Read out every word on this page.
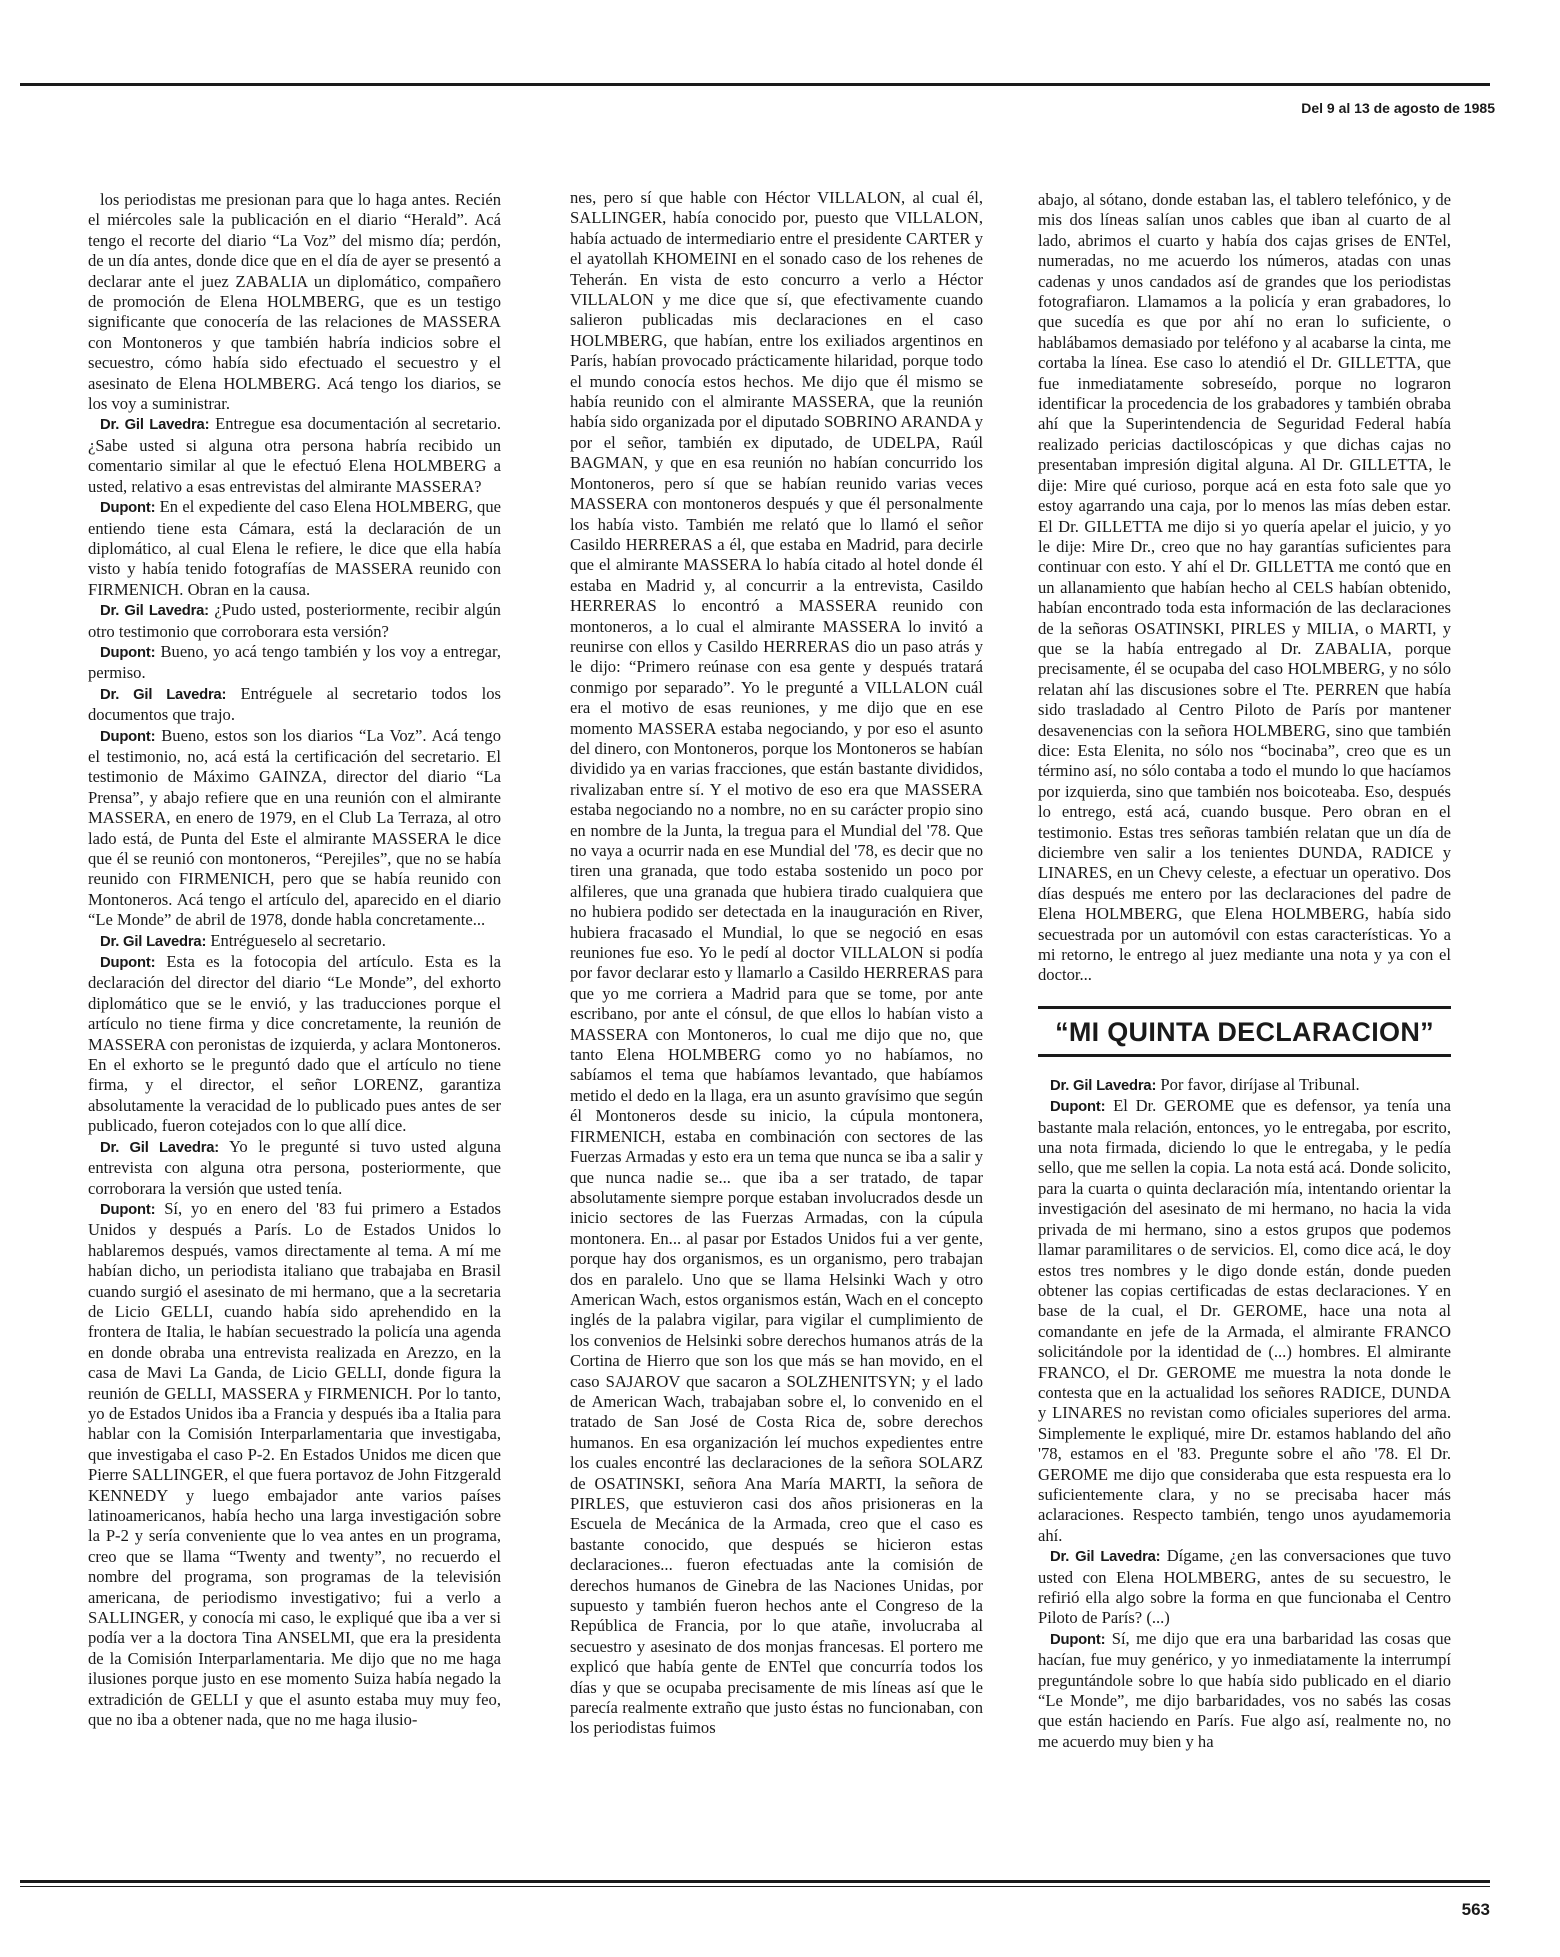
Del 9 al 13 de agosto de 1985

los periodistas me presionan para que lo haga antes. Recién el miércoles sale la publicación en el diario “Herald”. Acá tengo el recorte del diario “La Voz” del mismo día; perdón, de un día antes, donde dice que en el día de ayer se presentó a declarar ante el juez ZABALIA un diplomático, compañero de promoción de Elena HOLMBERG, que es un testigo significante que conocería de las relaciones de MASSERA con Montoneros y que también habría indicios sobre el secuestro, cómo había sido efectuado el secuestro y el asesinato de Elena HOLMBERG. Acá tengo los diarios, se los voy a suministrar.

Dr. Gil Lavedra: Entregue esa documentación al secretario. ¿Sabe usted si alguna otra persona habría recibido un comentario similar al que le efectuó Elena HOLMBERG a usted, relativo a esas entrevistas del almirante MASSERA?

Dupont: En el expediente del caso Elena HOLMBERG, que entiendo tiene esta Cámara, está la declaración de un diplomático, al cual Elena le refiere, le dice que ella había visto y había tenido fotografías de MASSERA reunido con FIRMENICH. Obran en la causa.

Dr. Gil Lavedra: ¿Pudo usted, posteriormente, recibir algún otro testimonio que corroborara esta versión?

Dupont: Bueno, yo acá tengo también y los voy a entregar, permiso.

Dr. Gil Lavedra: Entréguele al secretario todos los documentos que trajo.

Dupont: Bueno, estos son los diarios “La Voz”. Acá tengo el testimonio, no, acá está la certificación del secretario. El testimonio de Máximo GAINZA, director del diario “La Prensa”, y abajo refiere que en una reunión con el almirante MASSERA, en enero de 1979, en el Club La Terraza, al otro lado está, de Punta del Este el almirante MASSERA le dice que él se reunió con montoneros, “Perejiles”, que no se había reunido con FIRMENICH, pero que se había reunido con Montoneros. Acá tengo el artículo del, aparecido en el diario “Le Monde” de abril de 1978, donde habla concretamente...

Dr. Gil Lavedra: Entrégueselo al secretario.

Dupont: Esta es la fotocopia del artículo. Esta es la declaración del director del diario “Le Monde”, del exhorto diplomático que se le envió, y las traducciones porque el artículo no tiene firma y dice concretamente, la reunión de MASSERA con peronistas de izquierda, y aclara Montoneros. En el exhorto se le preguntó dado que el artículo no tiene firma, y el director, el señor LORENZ, garantiza absolutamente la veracidad de lo publicado pues antes de ser publicado, fueron cotejados con lo que allí dice.

Dr. Gil Lavedra: Yo le pregunté si tuvo usted alguna entrevista con alguna otra persona, posteriormente, que corroborara la versión que usted tenía.

Dupont: Sí, yo en enero del '83 fui primero a Estados Unidos y después a París. Lo de Estados Unidos lo hablaremos después, vamos directamente al tema. A mí me habían dicho, un periodista italiano que trabajaba en Brasil cuando surgió el asesinato de mi hermano, que a la secretaria de Licio GELLI, cuando había sido aprehendido en la frontera de Italia, le habían secuestrado la policía una agenda en donde obraba una entrevista realizada en Arezzo, en la casa de Mavi La Ganda, de Licio GELLI, donde figura la reunión de GELLI, MASSERA y FIRMENICH. Por lo tanto, yo de Estados Unidos iba a Francia y después iba a Italia para hablar con la Comisión Interparlamentaria que investigaba, que investigaba el caso P-2. En Estados Unidos me dicen que Pierre SALLINGER, el que fuera portavoz de John Fitzgerald KENNEDY y luego embajador ante varios países latinoamericanos, había hecho una larga investigación sobre la P-2 y sería conveniente que lo vea antes en un programa, creo que se llama “Twenty and twenty”, no recuerdo el nombre del programa, son programas de la televisión americana, de periodismo investigativo; fui a verlo a SALLINGER, y conocía mi caso, le expliqué que iba a ver si podía ver a la doctora Tina ANSELMI, que era la presidenta de la Comisión Interparlamentaria. Me dijo que no me haga ilusiones porque justo en ese momento Suiza había negado la extradición de GELLI y que el asunto estaba muy muy feo, que no iba a obtener nada, que no me haga ilusio-

nes, pero sí que hable con Héctor VILLALON, al cual él, SALLINGER, había conocido por, puesto que VILLALON, había actuado de intermediario entre el presidente CARTER y el ayatollah KHOMEINI en el sonado caso de los rehenes de Teherán. En vista de esto concurro a verlo a Héctor VILLALON y me dice que sí, que efectivamente cuando salieron publicadas mis declaraciones en el caso HOLMBERG, que habían, entre los exiliados argentinos en París, habían provocado prácticamente hilaridad, porque todo el mundo conocía estos hechos. Me dijo que él mismo se había reunido con el almirante MASSERA, que la reunión había sido organizada por el diputado SOBRINO ARANDA y por el señor, también ex diputado, de UDELPA, Raúl BAGMAN, y que en esa reunión no habían concurrido los Montoneros, pero sí que se habían reunido varias veces MASSERA con montoneros después y que él personalmente los había visto. También me relató que lo llamó el señor Casildo HERRERAS a él, que estaba en Madrid, para decirle que el almirante MASSERA lo había citado al hotel donde él estaba en Madrid y, al concurrir a la entrevista, Casildo HERRERAS lo encontró a MASSERA reunido con montoneros, a lo cual el almirante MASSERA lo invitó a reunirse con ellos y Casildo HERRERAS dio un paso atrás y le dijo: “Primero reúnase con esa gente y después tratará conmigo por separado”. Yo le pregunté a VILLALON cuál era el motivo de esas reuniones, y me dijo que en ese momento MASSERA estaba negociando, y por eso el asunto del dinero, con Montoneros, porque los Montoneros se habían dividido ya en varias fracciones, que están bastante divididos, rivalizaban entre sí. Y el motivo de eso era que MASSERA estaba negociando no a nombre, no en su carácter propio sino en nombre de la Junta, la tregua para el Mundial del '78. Que no vaya a ocurrir nada en ese Mundial del '78, es decir que no tiren una granada, que todo estaba sostenido un poco por alfileres, que una granada que hubiera tirado cualquiera que no hubiera podido ser detectada en la inauguración en River, hubiera fracasado el Mundial, lo que se negoció en esas reuniones fue eso. Yo le pedí al doctor VILLALON si podía por favor declarar esto y llamarlo a Casildo HERRERAS para que yo me corriera a Madrid para que se tome, por ante escribano, por ante el cónsul, de que ellos lo habían visto a MASSERA con Montoneros, lo cual me dijo que no, que tanto Elena HOLMBERG como yo no habíamos, no sabíamos el tema que habíamos levantado, que habíamos metido el dedo en la llaga, era un asunto gravísimo que según él Montoneros desde su inicio, la cúpula montonera, FIRMENICH, estaba en combinación con sectores de las Fuerzas Armadas y esto era un tema que nunca se iba a salir y que nunca nadie se... que iba a ser tratado, de tapar absolutamente siempre porque estaban involucrados desde un inicio sectores de las Fuerzas Armadas, con la cúpula montonera. En... al pasar por Estados Unidos fui a ver gente, porque hay dos organismos, es un organismo, pero trabajan dos en paralelo. Uno que se llama Helsinki Wach y otro American Wach, estos organismos están, Wach en el concepto inglés de la palabra vigilar, para vigilar el cumplimiento de los convenios de Helsinki sobre derechos humanos atrás de la Cortina de Hierro que son los que más se han movido, en el caso SAJAROV que sacaron a SOLZHENITSYN; y el lado de American Wach, trabajaban sobre el, lo convenido en el tratado de San José de Costa Rica de, sobre derechos humanos. En esa organización leí muchos expedientes entre los cuales encontré las declaraciones de la señora SOLARZ de OSATINSKI, señora Ana María MARTI, la señora de PIRLES, que estuvieron casi dos años prisioneras en la Escuela de Mecánica de la Armada, creo que el caso es bastante conocido, que después se hicieron estas declaraciones... fueron efectuadas ante la comisión de derechos humanos de Ginebra de las Naciones Unidas, por supuesto y también fueron hechos ante el Congreso de la República de Francia, por lo que atañe, involucraba al secuestro y asesinato de dos monjas francesas. El portero me explicó que había gente de ENTel que concurría todos los días y que se ocupaba precisamente de mis líneas así que le parecía realmente extraño que justo éstas no funcionaban, con los periodistas fuimos

abajo, al sótano, donde estaban las, el tablero telefónico, y de mis dos líneas salían unos cables que iban al cuarto de al lado, abrimos el cuarto y había dos cajas grises de ENTel, numeradas, no me acuerdo los números, atadas con unas cadenas y unos candados así de grandes que los periodistas fotografiaron. Llamamos a la policía y eran grabadores, lo que sucedía es que por ahí no eran lo suficiente, o hablábamos demasiado por teléfono y al acabarse la cinta, me cortaba la línea. Ese caso lo atendió el Dr. GILLETTA, que fue inmediatamente sobreseído, porque no lograron identificar la procedencia de los grabadores y también obraba ahí que la Superintendencia de Seguridad Federal había realizado pericias dactiloscópicas y que dichas cajas no presentaban impresión digital alguna. Al Dr. GILLETTA, le dije: Mire qué curioso, porque acá en esta foto sale que yo estoy agarrando una caja, por lo menos las mías deben estar. El Dr. GILLETTA me dijo si yo quería apelar el juicio, y yo le dije: Mire Dr., creo que no hay garantías suficientes para continuar con esto. Y ahí el Dr. GILLETTA me contó que en un allanamiento que habían hecho al CELS habían obtenido, habían encontrado toda esta información de las declaraciones de la señoras OSATINSKI, PIRLES y MILIA, o MARTI, y que se la había entregado al Dr. ZABALIA, porque precisamente, él se ocupaba del caso HOLMBERG, y no sólo relatan ahí las discusiones sobre el Tte. PERREN que había sido trasladado al Centro Piloto de París por mantener desavenencias con la señora HOLMBERG, sino que también dice: Esta Elenita, no sólo nos “bocinaba”, creo que es un término así, no sólo contaba a todo el mundo lo que hacíamos por izquierda, sino que también nos boicoteaba. Eso, después lo entrego, está acá, cuando busque. Pero obran en el testimonio. Estas tres señoras también relatan que un día de diciembre ven salir a los tenientes DUNDA, RADICE y LINARES, en un Chevy celeste, a efectuar un operativo. Dos días después me entero por las declaraciones del padre de Elena HOLMBERG, que Elena HOLMBERG, había sido secuestrada por un automóvil con estas características. Yo a mi retorno, le entrego al juez mediante una nota y ya con el doctor...

“MI QUINTA DECLARACION”

Dr. Gil Lavedra: Por favor, diríjase al Tribunal.

Dupont: El Dr. GEROME que es defensor, ya tenía una bastante mala relación, entonces, yo le entregaba, por escrito, una nota firmada, diciendo lo que le entregaba, y le pedía sello, que me sellen la copia. La nota está acá. Donde solicito, para la cuarta o quinta declaración mía, intentando orientar la investigación del asesinato de mi hermano, no hacia la vida privada de mi hermano, sino a estos grupos que podemos llamar paramilitares o de servicios. El, como dice acá, le doy estos tres nombres y le digo donde están, donde pueden obtener las copias certificadas de estas declaraciones. Y en base de la cual, el Dr. GEROME, hace una nota al comandante en jefe de la Armada, el almirante FRANCO solicitándole por la identidad de (...) hombres. El almirante FRANCO, el Dr. GEROME me muestra la nota donde le contesta que en la actualidad los señores RADICE, DUNDA y LINARES no revistan como oficiales superiores del arma. Simplemente le expliqué, mire Dr. estamos hablando del año '78, estamos en el '83. Pregunte sobre el año '78. El Dr. GEROME me dijo que consideraba que esta respuesta era lo suficientemente clara, y no se precisaba hacer más aclaraciones. Respecto también, tengo unos ayudamemoria ahí.

Dr. Gil Lavedra: Dígame, ¿en las conversaciones que tuvo usted con Elena HOLMBERG, antes de su secuestro, le refirió ella algo sobre la forma en que funcionaba el Centro Piloto de París? (...)

Dupont: Sí, me dijo que era una barbaridad las cosas que hacían, fue muy genérico, y yo inmediatamente la interrumpí preguntándole sobre lo que había sido publicado en el diario “Le Monde”, me dijo barbaridades, vos no sabés las cosas que están haciendo en París. Fue algo así, realmente no, no me acuerdo muy bien y ha

563
